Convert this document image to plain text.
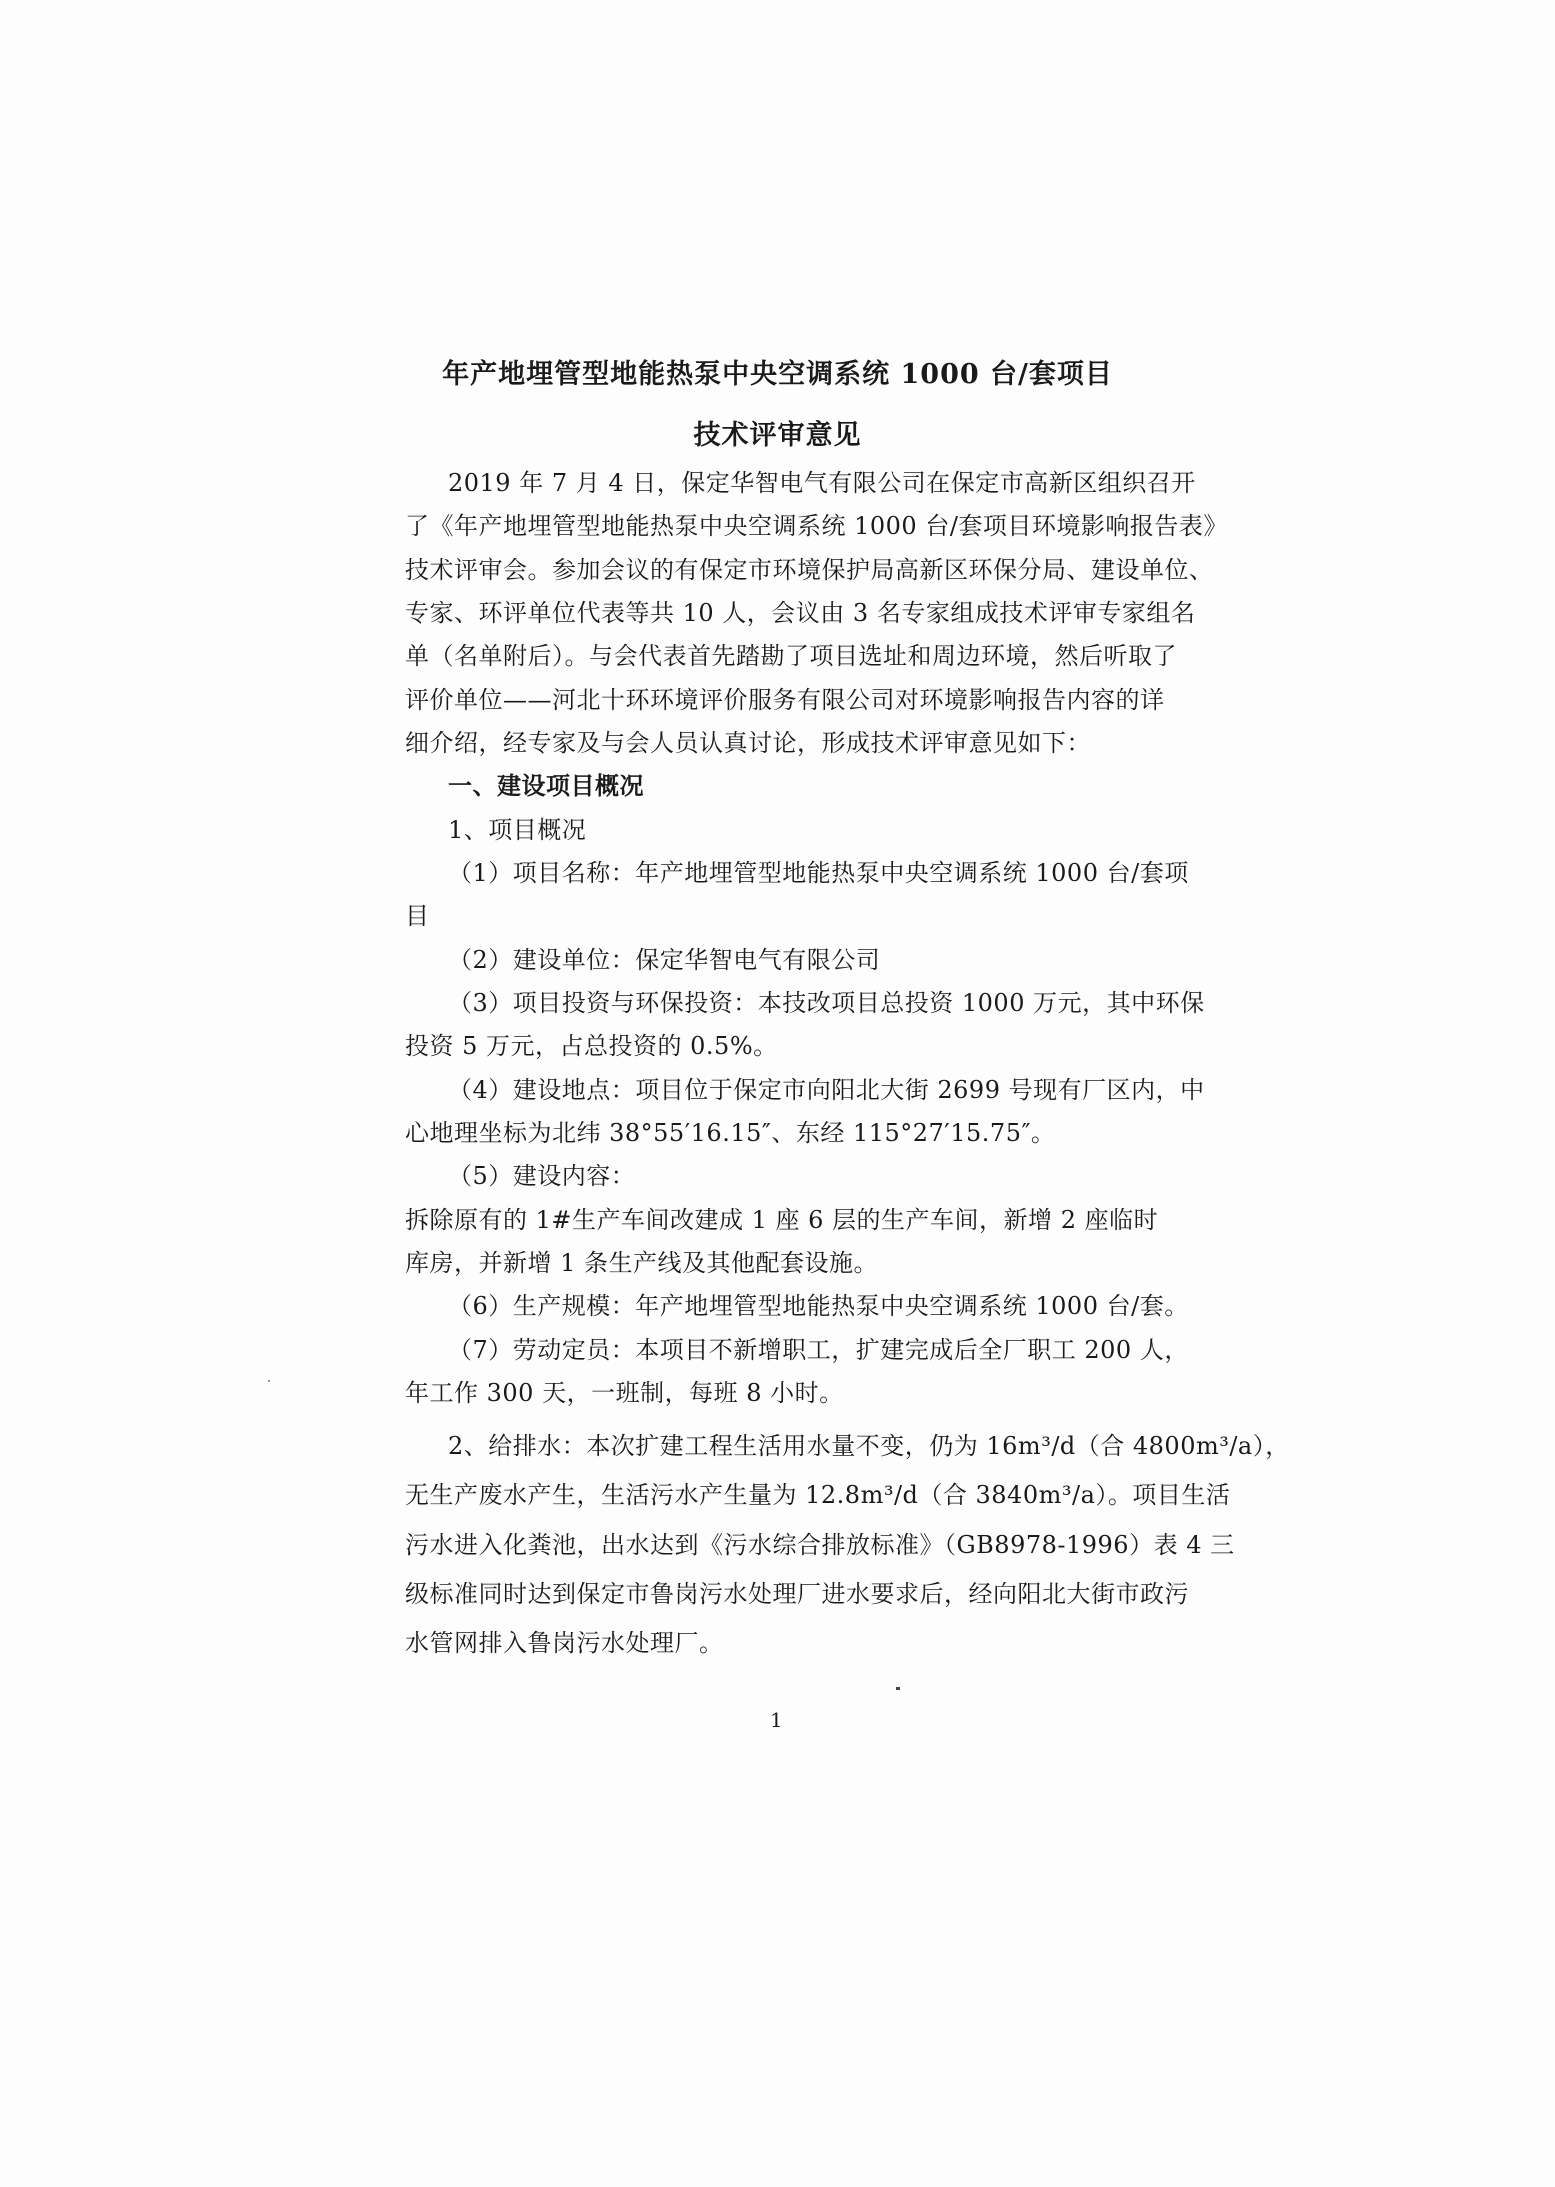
年产地埋管型地能热泵中央空调系统 1000 台/套项目
技术评审意见
2019 年 7 月 4 日，保定华智电气有限公司在保定市高新区组织召开
了《年产地埋管型地能热泵中央空调系统 1000 台/套项目环境影响报告表》
技术评审会。参加会议的有保定市环境保护局高新区环保分局、建设单位、
专家、环评单位代表等共 10 人，会议由 3 名专家组成技术评审专家组名
单（名单附后）。与会代表首先踏勘了项目选址和周边环境，然后听取了
评价单位——河北十环环境评价服务有限公司对环境影响报告内容的详
细介绍，经专家及与会人员认真讨论，形成技术评审意见如下：
一、建设项目概况
1、项目概况
（1）项目名称：年产地埋管型地能热泵中央空调系统 1000 台/套项
目
（2）建设单位：保定华智电气有限公司
（3）项目投资与环保投资：本技改项目总投资 1000 万元，其中环保
投资 5 万元，占总投资的 0.5%。
（4）建设地点：项目位于保定市向阳北大街 2699 号现有厂区内，中
心地理坐标为北纬 38°55′16.15″、东经 115°27′15.75″。
（5）建设内容：
拆除原有的 1#生产车间改建成 1 座 6 层的生产车间，新增 2 座临时
库房，并新增 1 条生产线及其他配套设施。
（6）生产规模：年产地埋管型地能热泵中央空调系统 1000 台/套。
（7）劳动定员：本项目不新增职工，扩建完成后全厂职工 200 人，
年工作 300 天，一班制，每班 8 小时。
2、给排水：本次扩建工程生活用水量不变，仍为 16m³/d（合 4800m³/a），
无生产废水产生，生活污水产生量为 12.8m³/d（合 3840m³/a）。项目生活
污水进入化粪池，出水达到《污水综合排放标准》（GB8978-1996）表 4 三
级标准同时达到保定市鲁岗污水处理厂进水要求后，经向阳北大街市政污
水管网排入鲁岗污水处理厂。
1
